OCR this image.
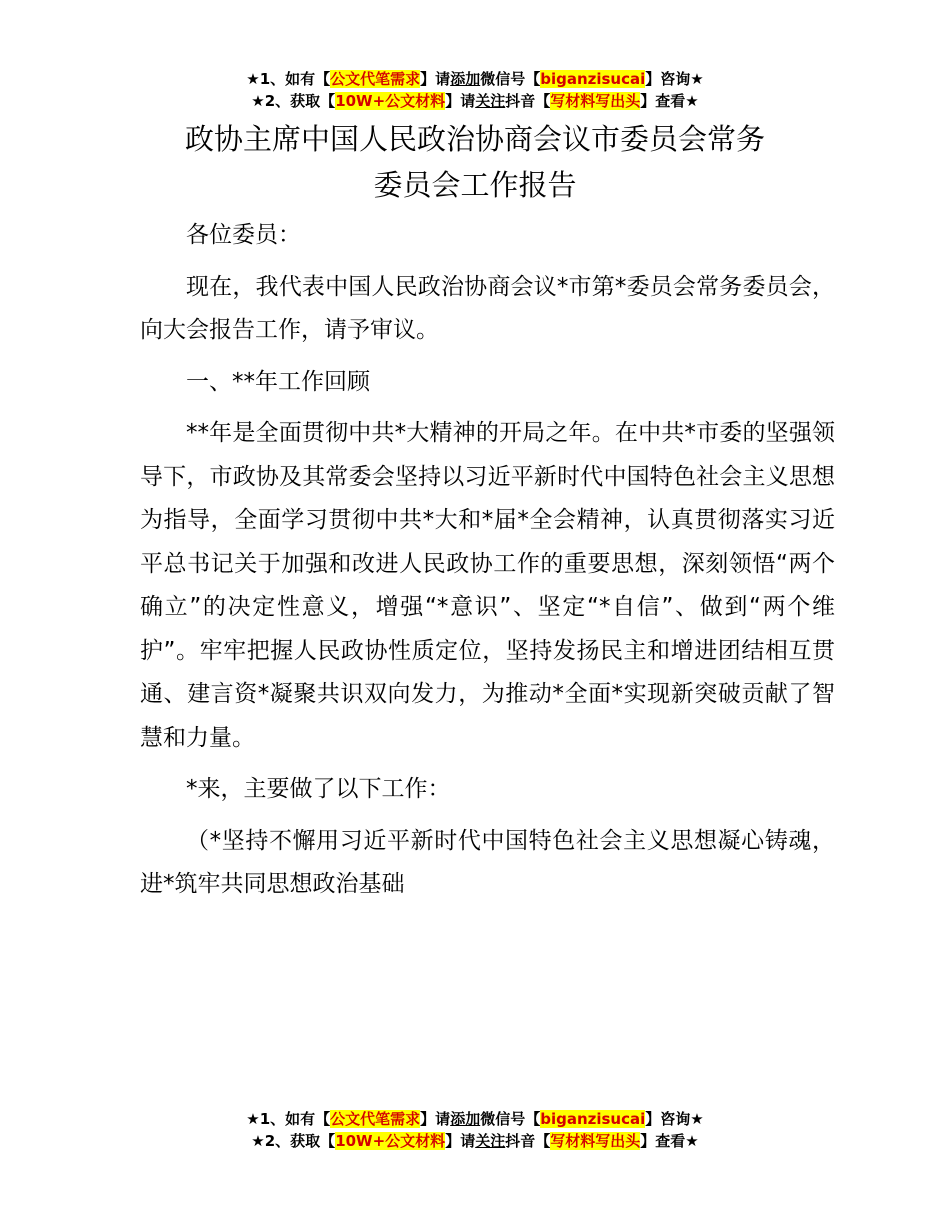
★1、如有【公文代笔需求】请添加微信号【biganzisucai】咨询★
★2、获取【10W+公文材料】请关注抖音【写材料写出头】查看★
政协主席中国人民政治协商会议市委员会常务
委员会工作报告

各位委员：

现在，我代表中国人民政治协商会议*市第*委员会常务委员会，向大会报告工作，请予审议。

一、**年工作回顾

**年是全面贯彻中共*大精神的开局之年。在中共*市委的坚强领导下，市政协及其常委会坚持以习近平新时代中国特色社会主义思想为指导，全面学习贯彻中共*大和*届*全会精神，认真贯彻落实习近平总书记关于加强和改进人民政协工作的重要思想，深刻领悟“两个确立”的决定性意义，增强“*意识”、坚定“*自信”、做到“两个维护”。牢牢把握人民政协性质定位，坚持发扬民主和增进团结相互贯通、建言资*凝聚共识双向发力，为推动*全面*实现新突破贡献了智慧和力量。

*来，主要做了以下工作：

（*坚持不懈用习近平新时代中国特色社会主义思想凝心铸魂，进*筑牢共同思想政治基础

★1、如有【公文代笔需求】请添加微信号【biganzisucai】咨询★
★2、获取【10W+公文材料】请关注抖音【写材料写出头】查看★
